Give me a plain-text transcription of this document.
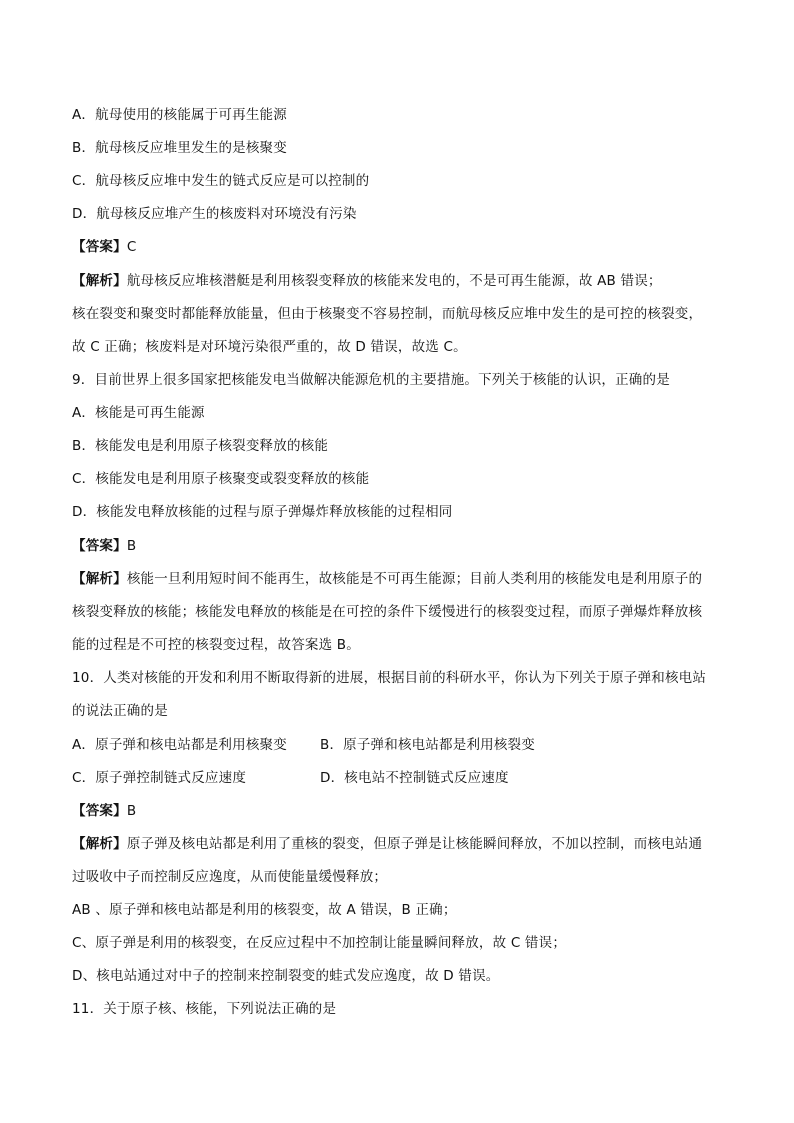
A．航母使用的核能属于可再生能源
B．航母核反应堆里发生的是核聚变
C．航母核反应堆中发生的链式反应是可以控制的
D．航母核反应堆产生的核废料对环境没有污染
【答案】C
【解析】航母核反应堆核潜艇是利用核裂变释放的核能来发电的，不是可再生能源，故 AB 错误；
核在裂变和聚变时都能释放能量，但由于核聚变不容易控制，而航母核反应堆中发生的是可控的核裂变，
故 C 正确；核废料是对环境污染很严重的，故 D 错误，故选 C。
9．目前世界上很多国家把核能发电当做解决能源危机的主要措施。下列关于核能的认识，正确的是
A．核能是可再生能源
B．核能发电是利用原子核裂变释放的核能
C．核能发电是利用原子核聚变或裂变释放的核能
D．核能发电释放核能的过程与原子弹爆炸释放核能的过程相同
【答案】B
【解析】核能一旦利用短时间不能再生，故核能是不可再生能源；目前人类利用的核能发电是利用原子的
核裂变释放的核能；核能发电释放的核能是在可控的条件下缓慢进行的核裂变过程，而原子弹爆炸释放核
能的过程是不可控的核裂变过程，故答案选 B。
10．人类对核能的开发和利用不断取得新的进展，根据目前的科研水平，你认为下列关于原子弹和核电站
的说法正确的是
A．原子弹和核电站都是利用核聚变 B．原子弹和核电站都是利用核裂变
C．原子弹控制链式反应速度	D．核电站不控制链式反应速度
【答案】B
【解析】原子弹及核电站都是利用了重核的裂变，但原子弹是让核能瞬间释放，不加以控制，而核电站通
过吸收中子而控制反应逸度，从而使能量缓慢释放；
AB 、原子弹和核电站都是利用的核裂变，故 A 错误，B 正确；
C、原子弹是利用的核裂变，在反应过程中不加控制让能量瞬间释放，故 C 错误；
D、核电站通过对中子的控制来控制裂变的蛙式发应逸度，故 D 错误。
11．关于原子核、核能，下列说法正确的是
